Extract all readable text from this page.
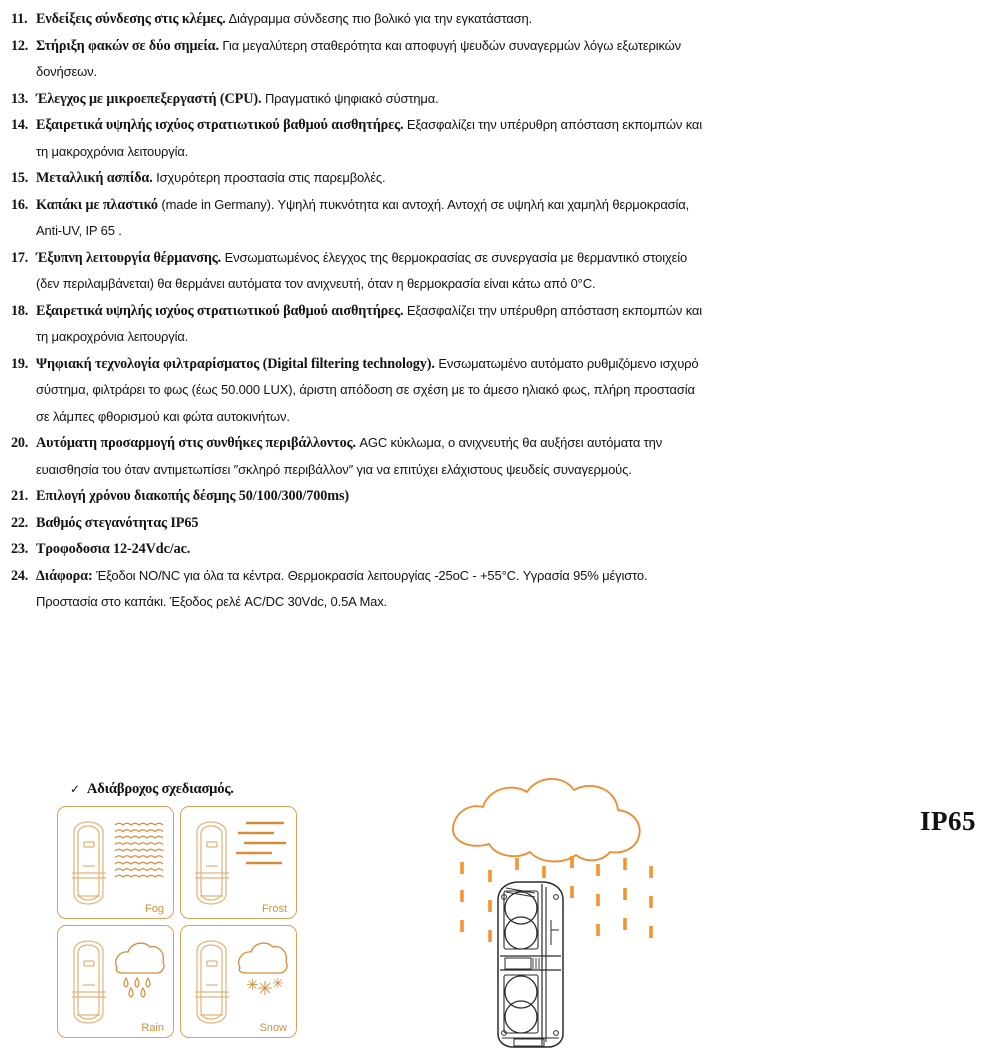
11. Ενδείξεις σύνδεσης στις κλέμες. Διάγραμμα σύνδεσης πιο βολικό για την εγκατάσταση.
12. Στήριξη φακών σε δύο σημεία. Για μεγαλύτερη σταθερότητα και αποφυγή ψευδών συναγερμών λόγω εξωτερικών δονήσεων.
13. Έλεγχος με μικροεπεξεργαστή (CPU). Πραγματικό ψηφιακό σύστημα.
14. Εξαιρετικά υψηλής ισχύος στρατιωτικού βαθμού αισθητήρες. Εξασφαλίζει την υπέρυθρη απόσταση εκπομπών και τη μακροχρόνια λειτουργία.
15. Μεταλλική ασπίδα. Ισχυρότερη προστασία στις παρεμβολές.
16. Καπάκι με πλαστικό (made in Germany). Υψηλή πυκνότητα και αντοχή. Αντοχή σε υψηλή και χαμηλή θερμοκρασία, Anti-UV, IP 65 .
17. Έξυπνη λειτουργία θέρμανσης. Ενσωματωμένος έλεγχος της θερμοκρασίας σε συνεργασία με θερμαντικό στοιχείο (δεν περιλαμβάνεται) θα θερμάνει αυτόματα τον ανιχνευτή, όταν η θερμοκρασία είναι κάτω από 0°C.
18. Εξαιρετικά υψηλής ισχύος στρατιωτικού βαθμού αισθητήρες. Εξασφαλίζει την υπέρυθρη απόσταση εκπομπών και τη μακροχρόνια λειτουργία.
19. Ψηφιακή τεχνολογία φιλτραρίσματος (Digital filtering technology). Ενσωματωμένο αυτόματο ρυθμιζόμενο ισχυρό σύστημα, φιλτράρει το φως (έως 50.000 LUX), άριστη απόδοση σε σχέση με το άμεσο ηλιακό φως, πλήρη προστασία σε λάμπες φθορισμού και φώτα αυτοκινήτων.
20. Αυτόματη προσαρμογή στις συνθήκες περιβάλλοντος. AGC κύκλωμα, ο ανιχνευτής θα αυξήσει αυτόματα την ευαισθησία του όταν αντιμετωπίσει ″σκληρό περιβάλλον″ για να επιτύχει ελάχιστους ψευδείς συναγερμούς.
21. Επιλογή χρόνου διακοπής δέσμης 50/100/300/700ms)
22. Βαθμός στεγανότητας IP65
23. Τροφοδοσια 12-24Vdc/ac.
24. Διάφορα: Έξοδοι NO/NC για όλα τα κέντρα. Θερμοκρασία λειτουργίας -25οC - +55°C. Υγρασία 95% μέγιστο. Προστασία στο καπάκι. Έξοδος ρελέ AC/DC 30Vdc, 0.5A Max.
✓ Αδιάβροχος σχεδιασμός.
Fog	Frost
Rain
✳
✳ ✳
Snow
IP65
